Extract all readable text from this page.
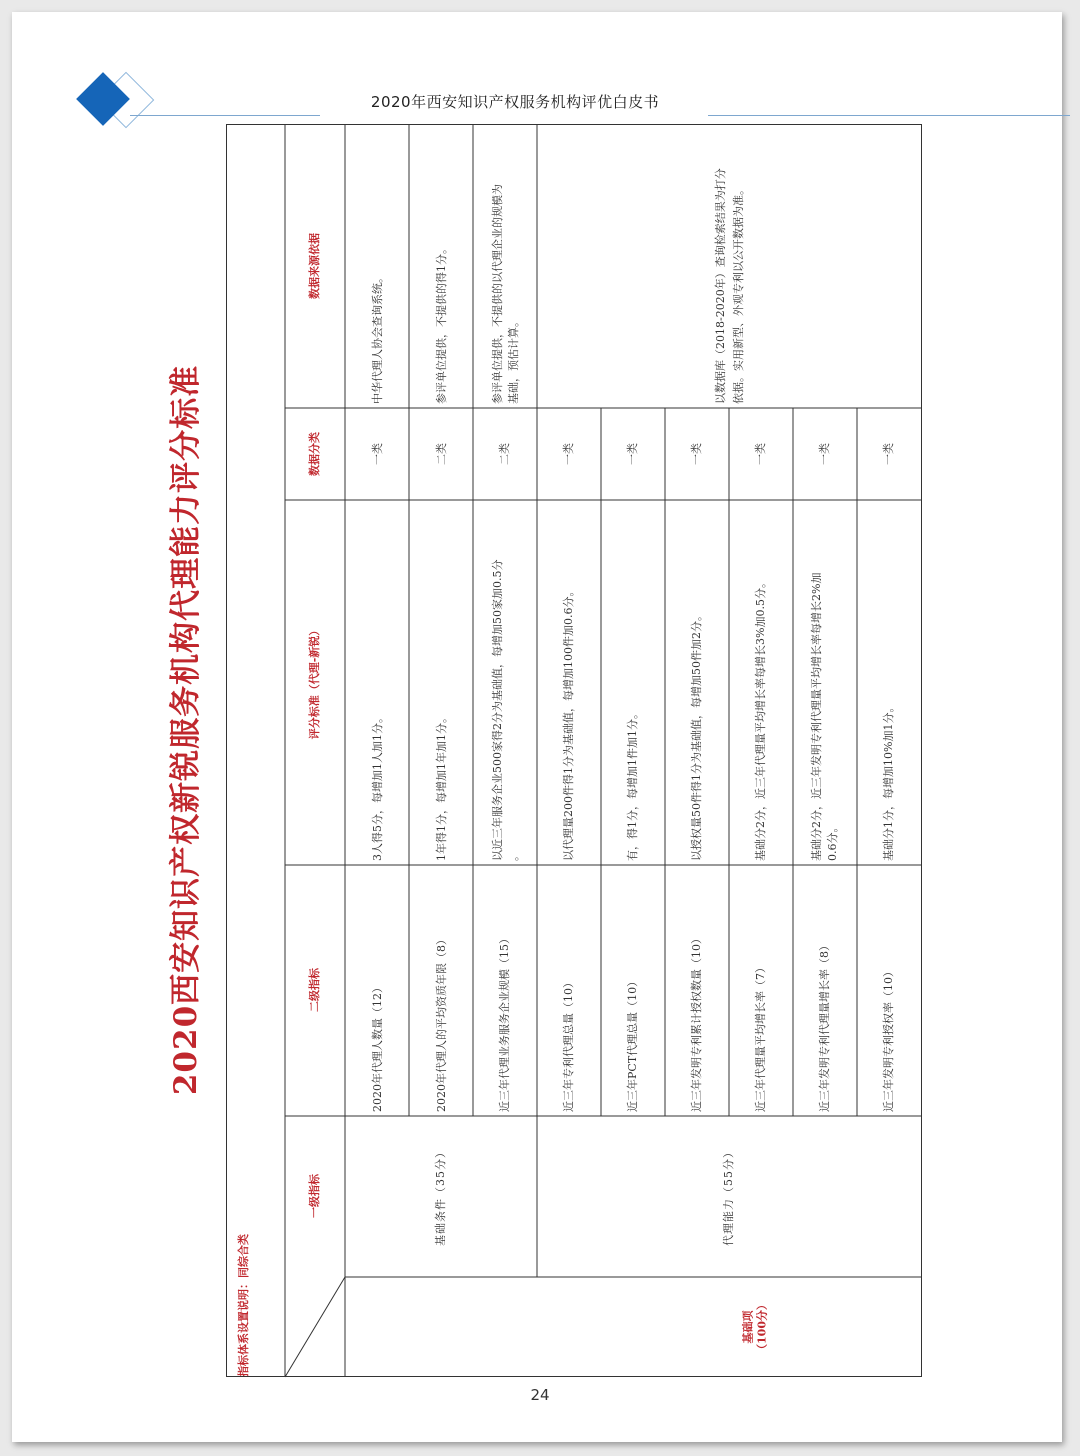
2020年西安知识产权服务机构评优白皮书
2020西安知识产权新锐服务机构代理能力评分标准
指标体系设置说明：同综合类
一级指标
二级指标
评分标准（代理-新锐）
数据分类
数据来源依据
基础项 （100分）
基础条件（35分）	代理能力（55分）
2020年代理人数量（12）
3人得5分，每增加1人加1分。
一类
中华代理人协会查询系统。
2020年代理人的平均资质年限（8）
1年得1分，每增加1年加1分。
二类
参评单位提供，不提供的得1分。
近三年代理业务服务企业规模（15）
以近三年服务企业500家得2分为基础值，每增加50家加0.5分 。
二类
参评单位提供，不提供的以代理企业的规模为 基础，预估计算。
近三年专利代理总量（10）
以代理量200件得1分为基础值，每增加100件加0.6分。
一类
近三年PCT代理总量（10）
有，得1分，每增加1件加1分。
一类
近三年发明专利累计授权数量（10）
以授权量50件得1分为基础值，每增加50件加2分。
一类
近三年代理量平均增长率（7）
基础分2分，近三年代理量平均增长率每增长3%加0.5分。
一类
近三年发明专利代理量增长率（8）
基础分2分，近三年发明专利代理量平均增长率每增长2%加 0.6分。
一类
近三年发明专利授权率（10）
基础分1分，每增加10%加1分。
一类
以数据库（2018-2020年）查询检索结果为打分 依据。实用新型、外观专利以公开数据为准。
24
